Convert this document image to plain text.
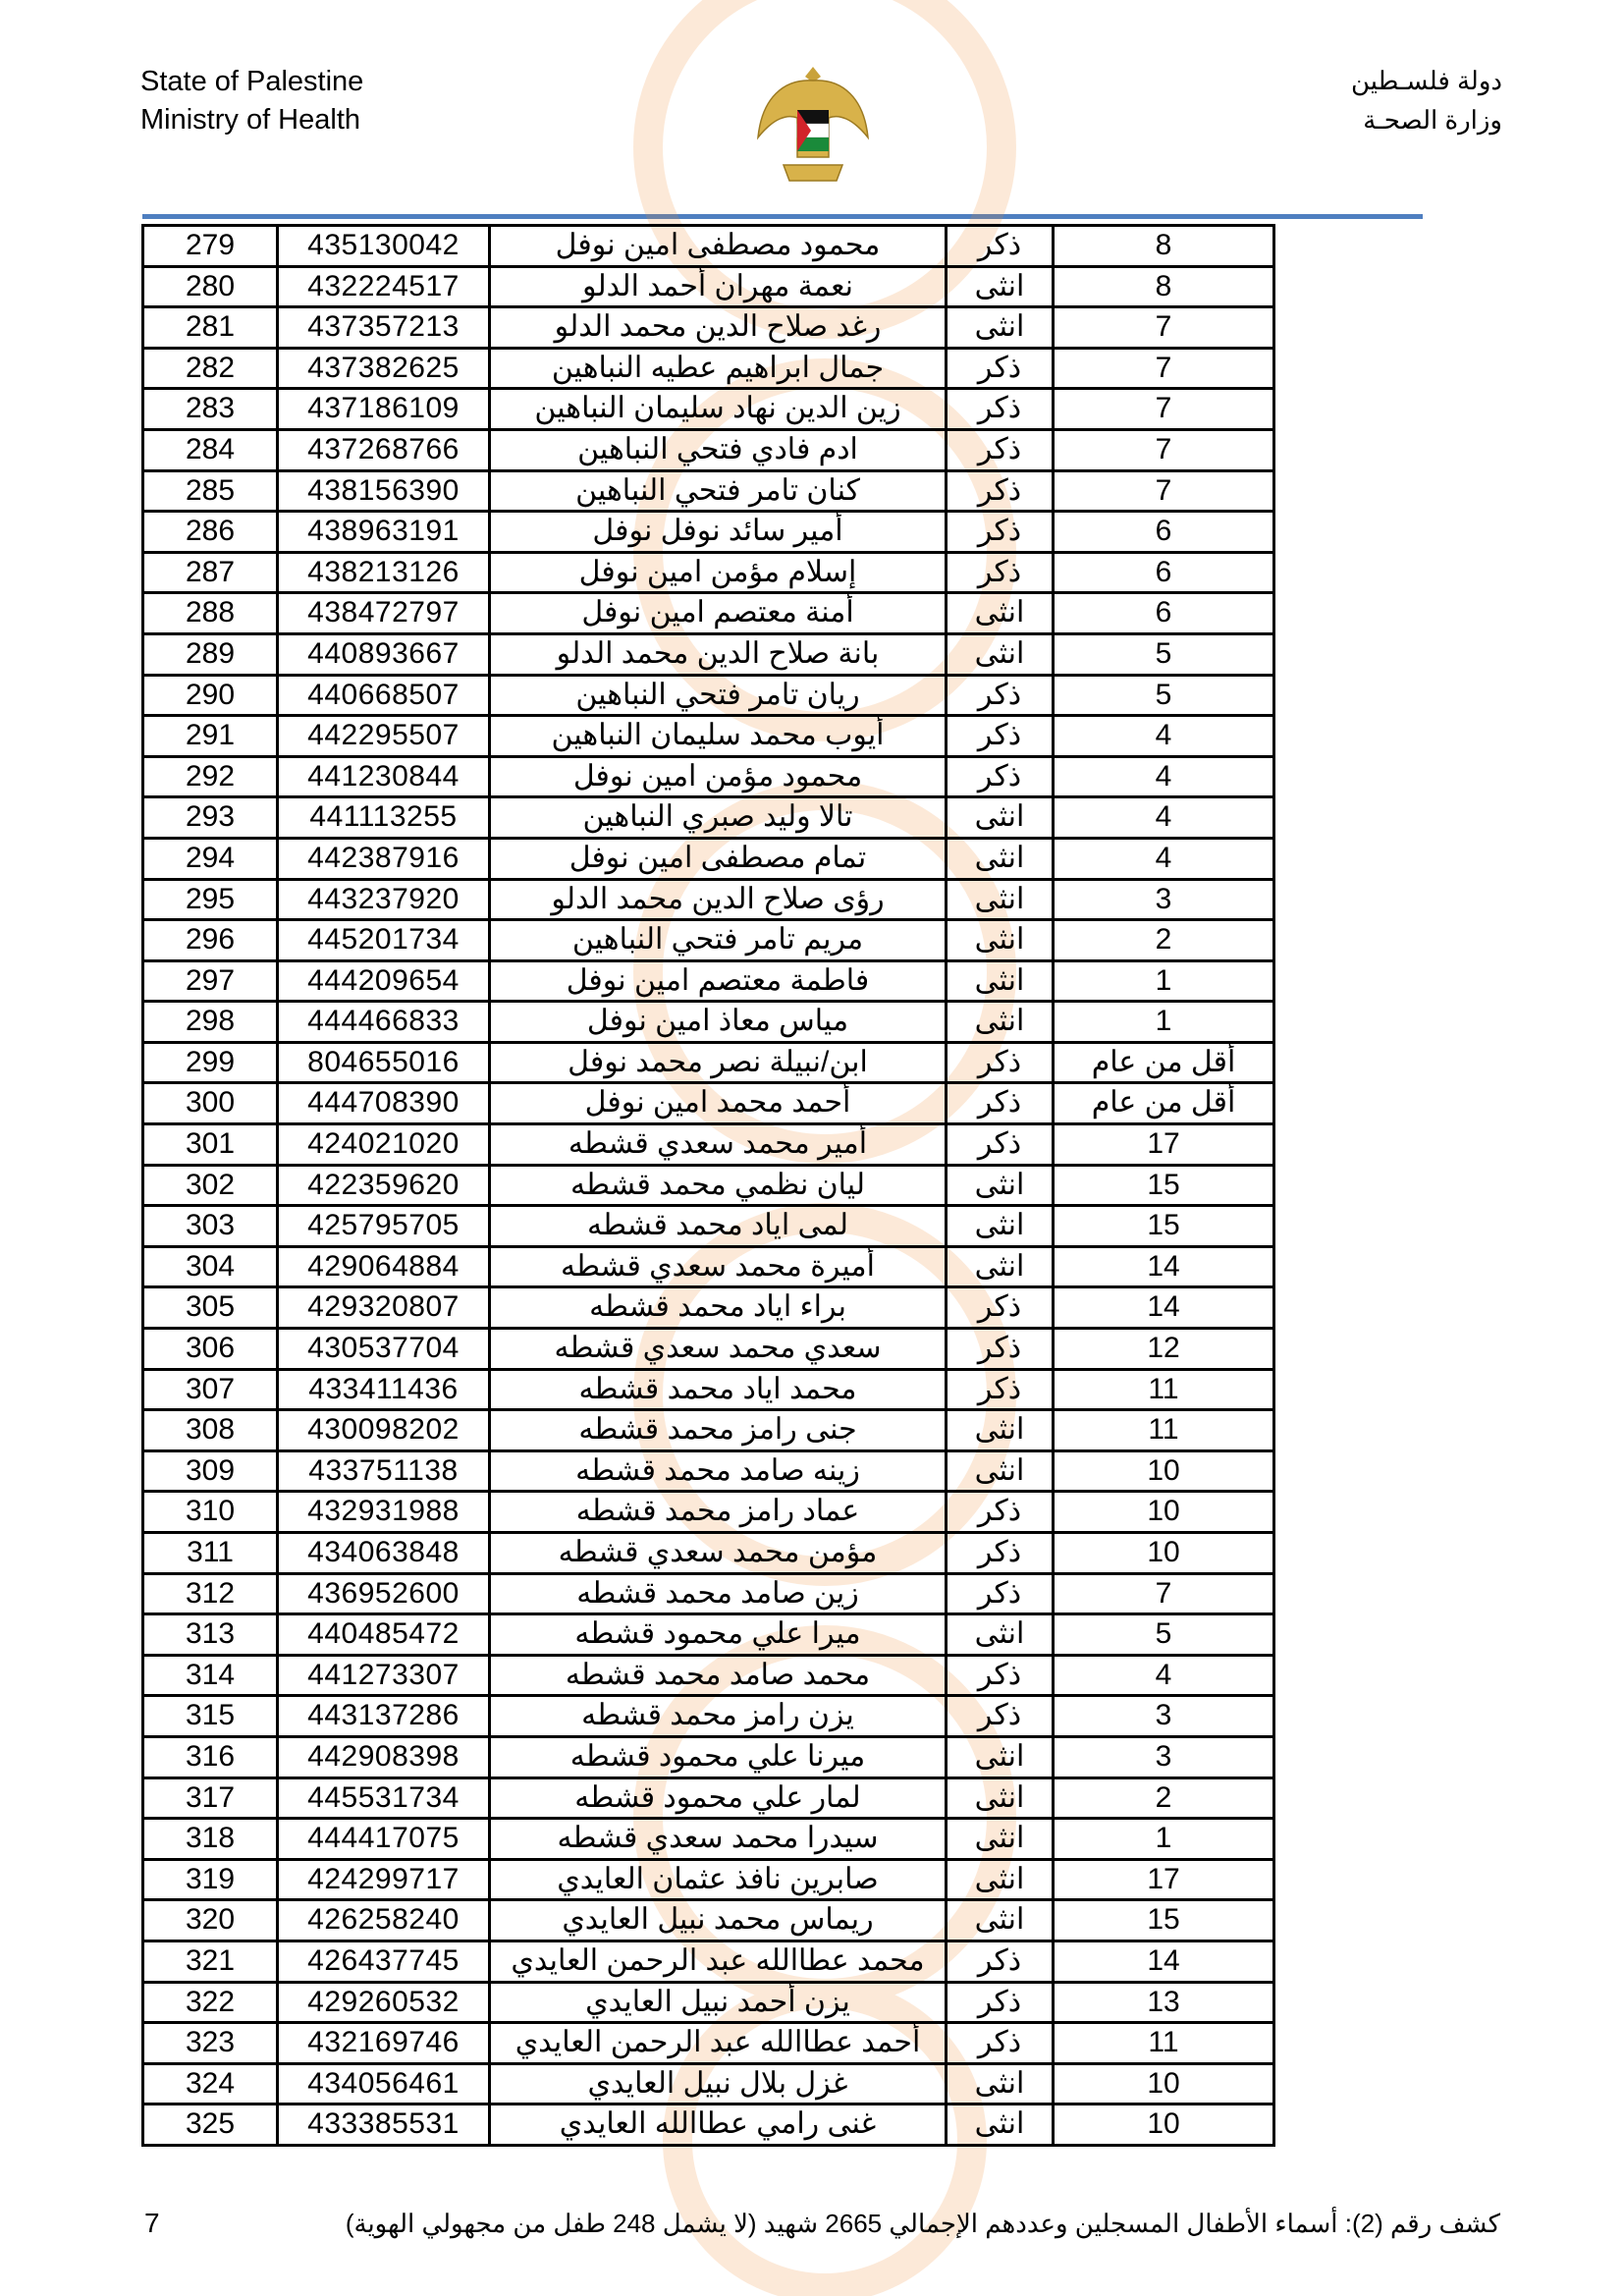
State of Palestine
Ministry of Health
دولة فلسـطين
وزارة الصحـة
279	435130042	محمود مصطفى امين نوفل	ذكر	8
280	432224517	نعمة مهران أحمد الدلو	انثى	8
281	437357213	رغد صلاح الدين محمد الدلو	انثى	7
282	437382625	جمال ابراهيم عطيه النباهين	ذكر	7
283	437186109	زين الدين نهاد سليمان النباهين	ذكر	7
284	437268766	ادم فادي فتحي النباهين	ذكر	7
285	438156390	كنان تامر فتحي النباهين	ذكر	7
286	438963191	أمير سائد نوفل نوفل	ذكر	6
287	438213126	إسلام مؤمن امين نوفل	ذكر	6
288	438472797	أمنة معتصم امين نوفل	انثى	6
289	440893667	بانة صلاح الدين محمد الدلو	انثى	5
290	440668507	ريان تامر فتحي النباهين	ذكر	5
291	442295507	أيوب محمد سليمان النباهين	ذكر	4
292	441230844	محمود مؤمن امين نوفل	ذكر	4
293	441113255	تالا وليد صبري النباهين	انثى	4
294	442387916	تمام مصطفى امين نوفل	انثى	4
295	443237920	رؤى صلاح الدين محمد الدلو	انثى	3
296	445201734	مريم تامر فتحي النباهين	انثى	2
297	444209654	فاطمة معتصم امين نوفل	انثى	1
298	444466833	مياس معاذ امين نوفل	انثى	1
299	804655016	ابن/نبيلة نصر محمد نوفل	ذكر	أقل من عام
300	444708390	أحمد محمد امين نوفل	ذكر	أقل من عام
301	424021020	أمير محمد سعدي قشطه	ذكر	17
302	422359620	ليان نظمي محمد قشطه	انثى	15
303	425795705	لمى اياد محمد قشطه	انثى	15
304	429064884	أميرة محمد سعدي قشطه	انثى	14
305	429320807	براء اياد محمد قشطه	ذكر	14
306	430537704	سعدي محمد سعدي قشطه	ذكر	12
307	433411436	محمد اياد محمد قشطه	ذكر	11
308	430098202	جنى رامز محمد قشطه	انثى	11
309	433751138	زينه صامد محمد قشطه	انثى	10
310	432931988	عماد رامز محمد قشطه	ذكر	10
311	434063848	مؤمن محمد سعدي قشطه	ذكر	10
312	436952600	زين صامد محمد قشطه	ذكر	7
313	440485472	ميرا علي محمود قشطه	انثى	5
314	441273307	محمد صامد محمد قشطه	ذكر	4
315	443137286	يزن رامز محمد قشطه	ذكر	3
316	442908398	ميرنا علي محمود قشطه	انثى	3
317	445531734	لمار علي محمود قشطه	انثى	2
318	444417075	سيدرا محمد سعدي قشطه	انثى	1
319	424299717	صابرين نافذ عثمان العايدي	انثى	17
320	426258240	ريماس محمد نبيل العايدي	انثى	15
321	426437745	محمد عطاالله عبد الرحمن العايدي	ذكر	14
322	429260532	يزن أحمد نبيل العايدي	ذكر	13
323	432169746	أحمد عطاالله عبد الرحمن العايدي	ذكر	11
324	434056461	غزل بلال نبيل العايدي	انثى	10
325	433385531	غنى رامي عطاالله العايدي	انثى	10
كشف رقم (2): أسماء الأطفال المسجلين وعددهم الإجمالي 2665 شهيد (لا يشمل 248 طفل من مجهولي الهوية)
7
